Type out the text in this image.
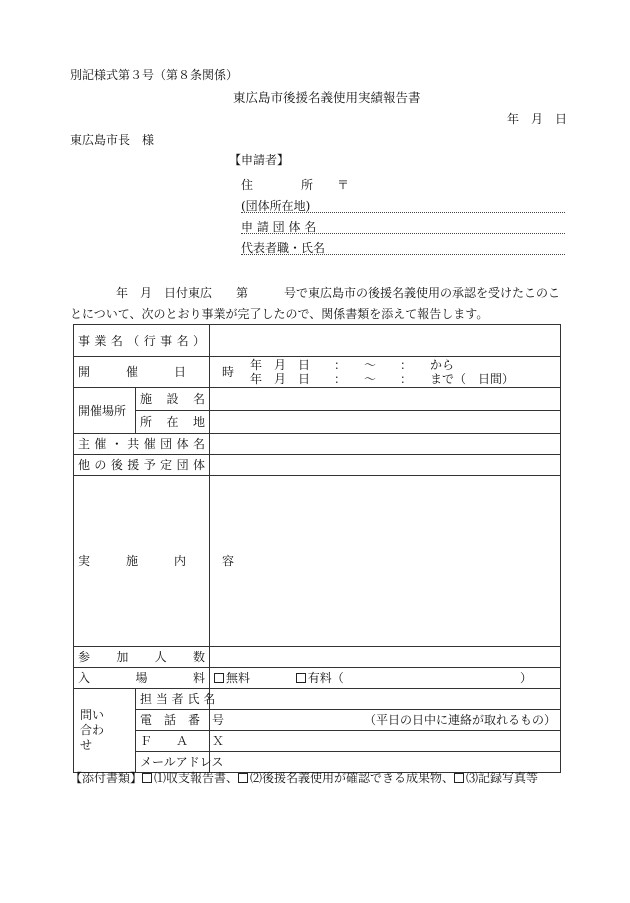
別記様式第３号（第８条関係）
東広島市後援名義使用実績報告書
年　月　日
東広島市長　様
【申請者】
住　　　　所　　〒
(団体所在地)
申 請 団 体 名
代表者職・氏名
　年　月　日付東広　　第　　　号で東広島市の後援名義使用の承認を受けたこのこ
とについて、次のとおり事業が完了したので、関係書類を添えて報告します。
事 業 名 （ 行 事 名 ）		
開　　　催　　　日　　　時		年　月　日　　：　　〜　　：　　から
年　月　日　　：　　〜　　：　　まで（　日間）

開催場所	施　設　名	
	所　在　地	
主 催 ・ 共 催 団 体 名		
他 の 後 援 予 定 団 体		
実　　　施　　　内　　　容		
参　　加　　人　　数		
入　　　場　　　料		無料 有料（ ）

問い合わせ	担 当 者 氏 名	
	電　話　番　号	（平日の日中に連絡が取れるもの）
	Ｆ　　Ａ　　Ｘ	
	メールアドレス	
【添付書類】 ⑴収支報告書、 ⑵後援名義使用が確認できる成果物、 ⑶記録写真等
